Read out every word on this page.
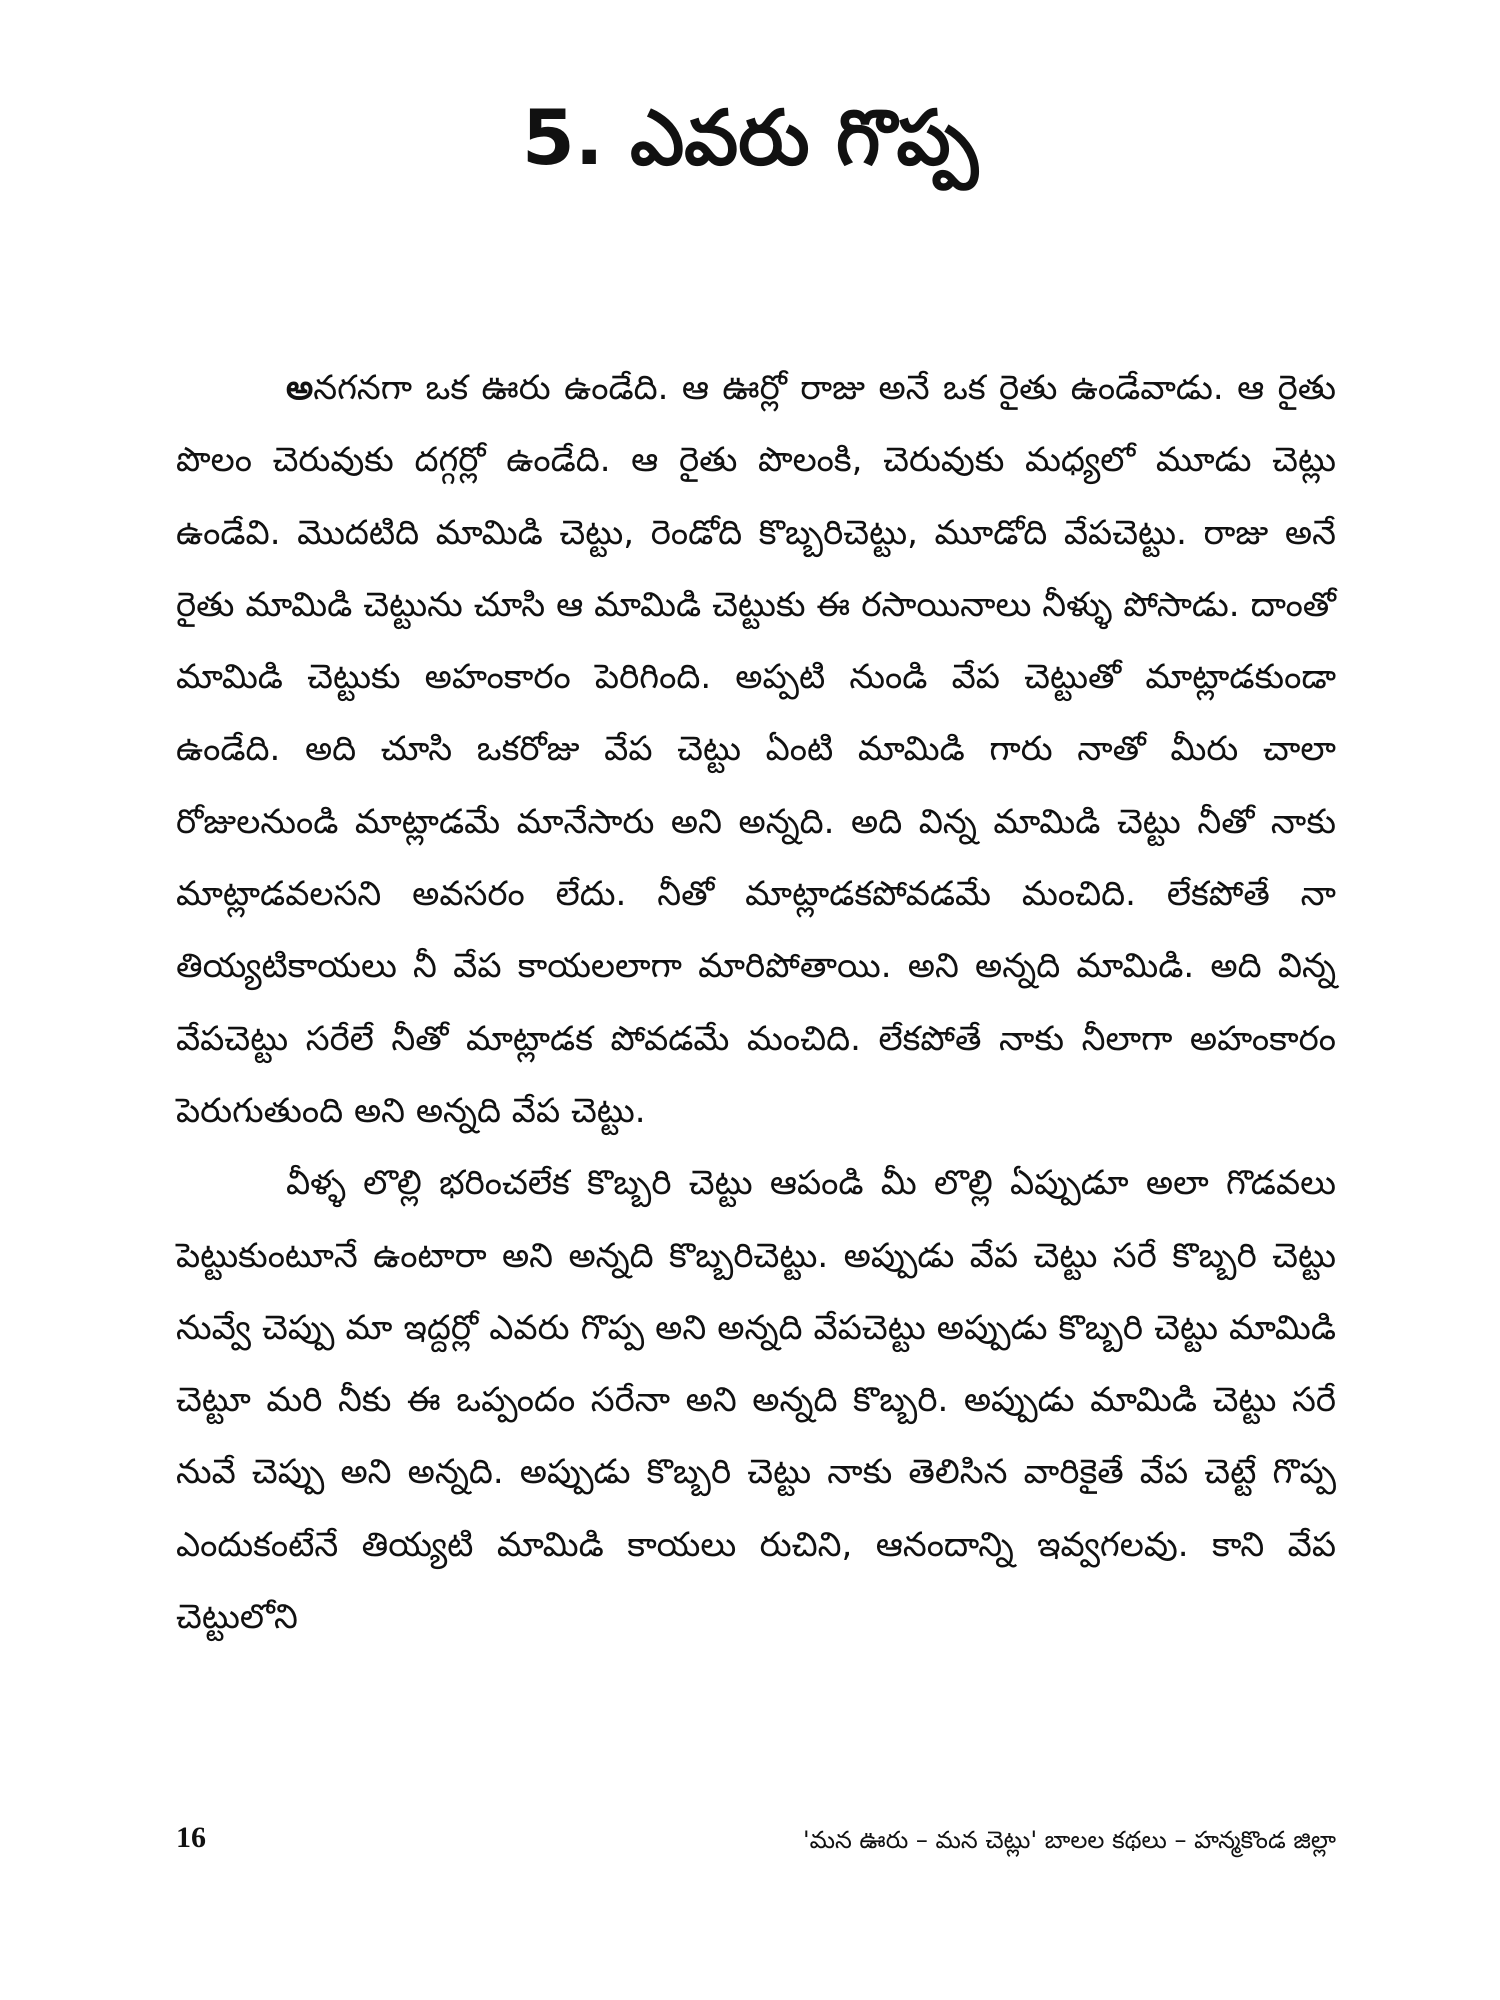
5. ఎవరు గొప్ప

అనగనగా ఒక ఊరు ఉండేది. ఆ ఊర్లో రాజు అనే ఒక రైతు ఉండేవాడు. ఆ రైతు పొలం చెరువుకు దగ్గర్లో ఉండేది. ఆ రైతు పొలంకి, చెరువుకు మధ్యలో మూడు చెట్లు ఉండేవి. మొదటిది మామిడి చెట్టు, రెండోది కొబ్బరిచెట్టు, మూడోది వేపచెట్టు. రాజు అనే రైతు మామిడి చెట్టును చూసి ఆ మామిడి చెట్టుకు ఈ రసాయినాలు నీళ్ళు పోసాడు. దాంతో మామిడి చెట్టుకు అహంకారం పెరిగింది. అప్పటి నుండి వేప చెట్టుతో మాట్లాడకుండా ఉండేది. అది చూసి ఒకరోజు వేప చెట్టు ఏంటి మామిడి గారు నాతో మీరు చాలా రోజులనుండి మాట్లాడమే మానేసారు అని అన్నది. అది విన్న మామిడి చెట్టు నీతో నాకు మాట్లాడవలసని అవసరం లేదు. నీతో మాట్లాడకపోవడమే మంచిది. లేకపోతే నా తియ్యటికాయలు నీ వేప కాయలలాగా మారిపోతాయి. అని అన్నది మామిడి. అది విన్న వేపచెట్టు సరేలే నీతో మాట్లాడక పోవడమే మంచిది. లేకపోతే నాకు నీలాగా అహంకారం పెరుగుతుంది అని అన్నది వేప చెట్టు.

వీళ్ళ లొల్లి భరించలేక కొబ్బరి చెట్టు ఆపండి మీ లొల్లి ఏప్పుడూ అలా గొడవలు పెట్టుకుంటూనే ఉంటారా అని అన్నది కొబ్బరిచెట్టు. అప్పుడు వేప చెట్టు సరే కొబ్బరి చెట్టు నువ్వే చెప్పు మా ఇద్దర్లో ఎవరు గొప్ప అని అన్నది వేపచెట్టు అప్పుడు కొబ్బరి చెట్టు మామిడి చెట్టూ మరి నీకు ఈ ఒప్పందం సరేనా అని అన్నది కొబ్బరి. అప్పుడు మామిడి చెట్టు సరే నువే చెప్పు అని అన్నది. అప్పుడు కొబ్బరి చెట్టు నాకు తెలిసిన వారికైతే వేప చెట్టే గొప్ప ఎందుకంటేనే తియ్యటి మామిడి కాయలు రుచిని, ఆనందాన్ని ఇవ్వగలవు. కాని వేప చెట్టులోని

16	'మన ఊరు – మన చెట్లు' బాలల కథలు – హన్మకొండ జిల్లా
